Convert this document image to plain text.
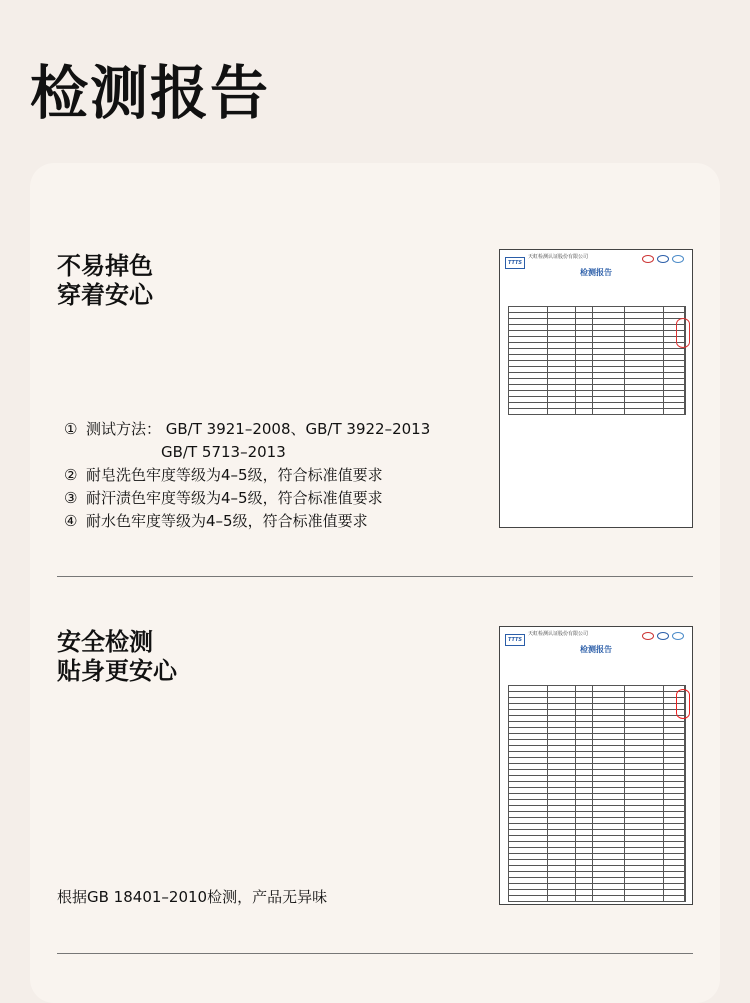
检测报告
不易掉色
穿着安心
① 测试方法： GB/T 3921–2008、GB/T 3922–2013
GB/T 5713–2013
② 耐皂洗色牢度等级为4–5级，符合标准值要求
③ 耐汗渍色牢度等级为4–5级，符合标准值要求
④ 耐水色牢度等级为4–5级，符合标准值要求
TTTS
天虹检测认证股份有限公司
检测报告

安全检测
贴身更安心
根据GB 18401–2010检测，产品无异味
TTTS
天虹检测认证股份有限公司
检测报告
